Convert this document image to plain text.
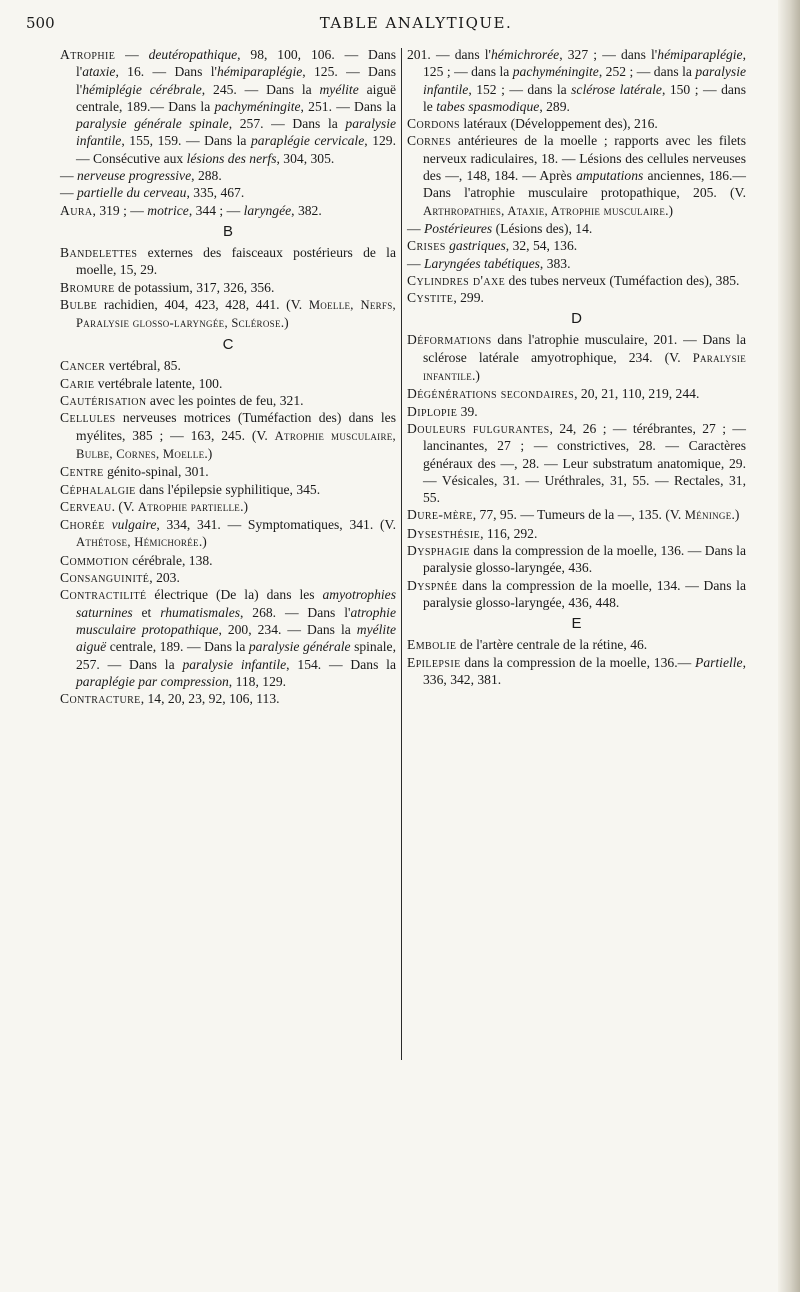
500	TABLE ANALYTIQUE.

Atrophie — deutéropathique, 98, 100, 106. — Dans l'ataxie, 16. — Dans l'hémiparaplégie, 125. — Dans l'hémiplégie cérébrale, 245. — Dans la myélite aiguë centrale, 189.— Dans la pachyméningite, 251. — Dans la paralysie générale spinale, 257. — Dans la paralysie infantile, 155, 159. — Dans la paraplégie cervicale, 129. — Consécutive aux lésions des nerfs, 304, 305.

— nerveuse progressive, 288.

— partielle du cerveau, 335, 467.

Aura, 319 ; — motrice, 344 ; — laryngée, 382.

B

Bandelettes externes des faisceaux postérieurs de la moelle, 15, 29.

Bromure de potassium, 317, 326, 356.

Bulbe rachidien, 404, 423, 428, 441. (V. Moelle, Nerfs, Paralysie glosso-laryngée, Sclérose.)

C

Cancer vertébral, 85.

Carie vertébrale latente, 100.

Cautérisation avec les pointes de feu, 321.

Cellules nerveuses motrices (Tuméfaction des) dans les myélites, 385 ; — 163, 245. (V. Atrophie musculaire, Bulbe, Cornes, Moelle.)

Centre génito-spinal, 301.

Céphalalgie dans l'épilepsie syphilitique, 345.

Cerveau. (V. Atrophie partielle.)

Chorée vulgaire, 334, 341. — Symptomatiques, 341. (V. Athétose, Hémichorée.)

Commotion cérébrale, 138.

Consanguinité, 203.

Contractilité électrique (De la) dans les amyotrophies saturnines et rhumatismales, 268. — Dans l'atrophie musculaire protopathique, 200, 234. — Dans la myélite aiguë centrale, 189. — Dans la paralysie générale spinale, 257. — Dans la paralysie infantile, 154. — Dans la paraplégie par compression, 118, 129.

Contracture, 14, 20, 23, 92, 106, 113.

201. — dans l'hémichrorée, 327 ; — dans l'hémiparaplégie, 125 ; — dans la pachyméningite, 252 ; — dans la paralysie infantile, 152 ; — dans la sclérose latérale, 150 ; — dans le tabes spasmodique, 289.

Cordons latéraux (Développement des), 216.

Cornes antérieures de la moelle ; rapports avec les filets nerveux radiculaires, 18. — Lésions des cellules nerveuses des —, 148, 184. — Après amputations anciennes, 186.— Dans l'atrophie musculaire protopathique, 205. (V. Arthropathies, Ataxie, Atrophie musculaire.)

— Postérieures (Lésions des), 14.

Crises gastriques, 32, 54, 136.

— Laryngées tabétiques, 383.

Cylindres d'axe des tubes nerveux (Tuméfaction des), 385.

Cystite, 299.

D

Déformations dans l'atrophie musculaire, 201. — Dans la sclérose latérale amyotrophique, 234. (V. Paralysie infantile.)

Dégénérations secondaires, 20, 21, 110, 219, 244.

Diplopie 39.

Douleurs fulgurantes, 24, 26 ; — térébrantes, 27 ; — lancinantes, 27 ; — constrictives, 28. — Caractères généraux des —, 28. — Leur substratum anatomique, 29. — Vésicales, 31. — Uréthrales, 31, 55. — Rectales, 31, 55.

Dure-mère, 77, 95. — Tumeurs de la —, 135. (V. Méninge.)

Dysesthésie, 116, 292.

Dysphagie dans la compression de la moelle, 136. — Dans la paralysie glosso-laryngée, 436.

Dyspnée dans la compression de la moelle, 134. — Dans la paralysie glosso-laryngée, 436, 448.

E

Embolie de l'artère centrale de la rétine, 46.

Epilepsie dans la compression de la moelle, 136.— Partielle, 336, 342, 381.
